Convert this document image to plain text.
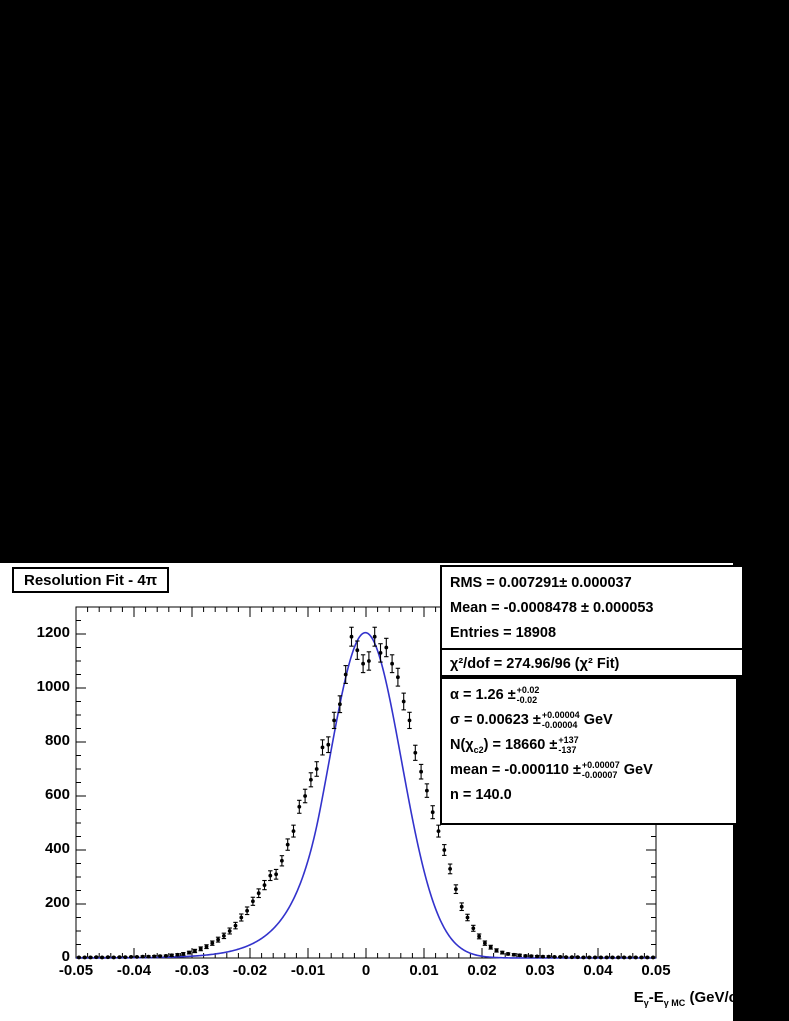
Resolution Fit - 4π
0
200
400
600
800
1000
1200
-0.05	-0.04	-0.03	-0.02	-0.01	0	0.01	0.02	0.03	0.04	0.05
$E_\gamma-E_{\gamma MC}$ $(GeV/c^2)$
RMS = 0.007291± 0.000037
Mean = -0.0008478 ± 0.000053
Entries = 18908
χ²/dof = 274.96/96 (χ² Fit)
α = 1.26 ± +0.02
-0.02
σ = 0.00623 ± +0.00004
-0.00004 GeV
$N(\chi_{c2}) = 18660 \pm +137$
-137
mean = -0.000110 ± +0.00007
-0.00007 GeV
n = 140.0
